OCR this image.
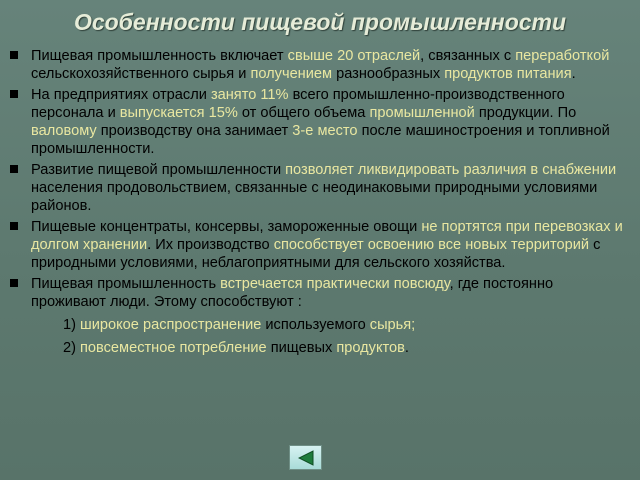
Особенности пищевой промышленности
Пищевая промышленность включает свыше 20 отраслей, связанных с переработкой сельскохозяйственного сырья и получением разнообразных продуктов питания.
На предприятиях отрасли занято 11% всего промышленно-производственного персонала и выпускается 15% от общего объема промышленной продукции. По валовому производству она занимает 3-е место после машиностроения и топливной промышленности.
Развитие пищевой промышленности позволяет ликвидировать различия в снабжении населения продовольствием, связанные с неодинаковыми природными условиями районов.
Пищевые концентраты, консервы, замороженные овощи не портятся при перевозках и долгом хранении. Их производство способствует освоению все новых территорий с природными условиями, неблагоприятными для сельского хозяйства.
Пищевая промышленность встречается практически повсюду, где постоянно проживают люди. Этому способствуют :
1) широкое распространение используемого сырья;
2) повсеместное потребление пищевых продуктов.
